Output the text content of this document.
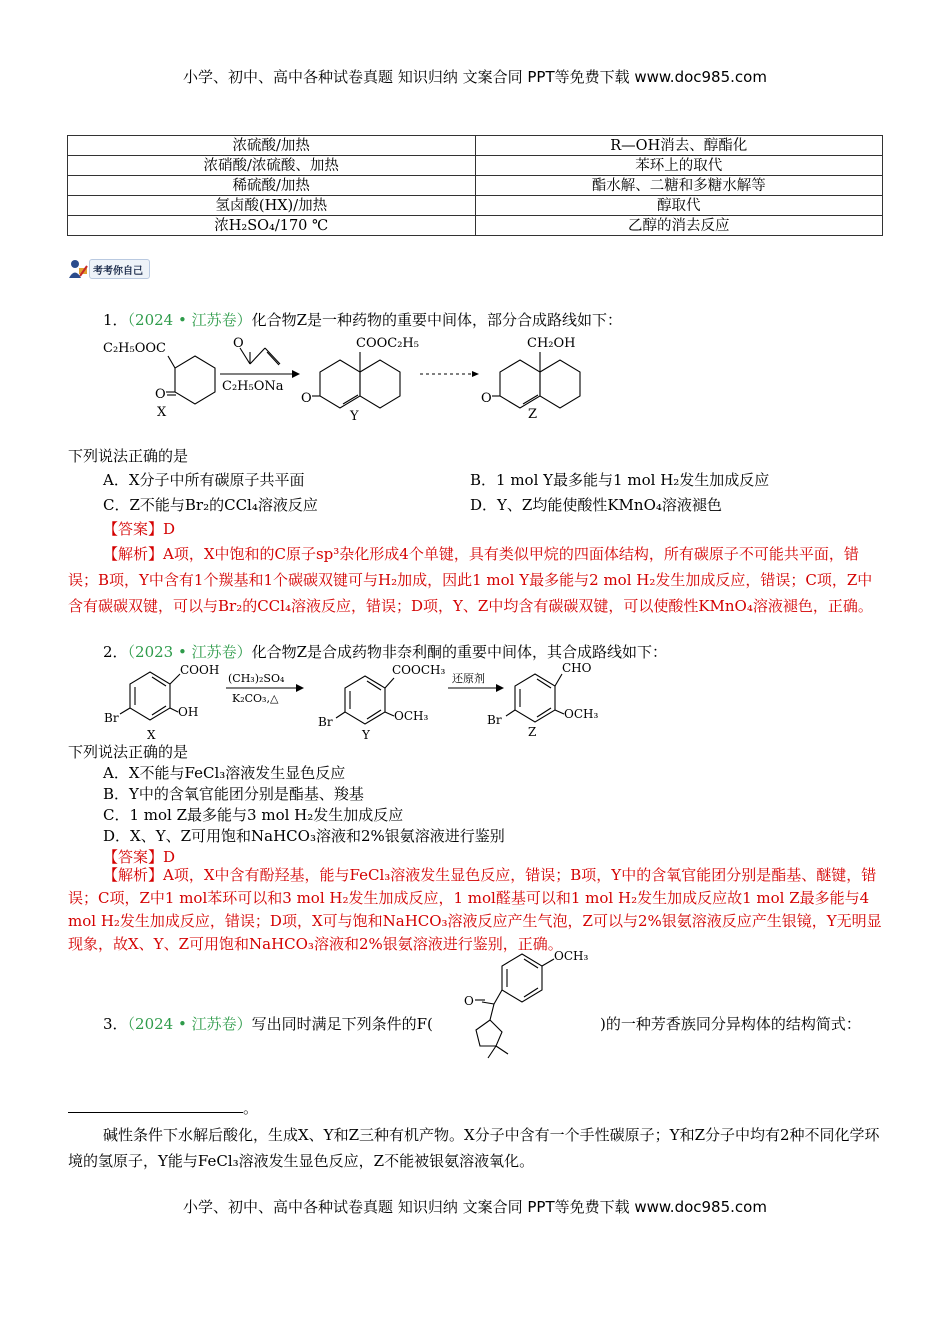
小学、初中、高中各种试卷真题 知识归纳 文案合同 PPT等免费下载 www.doc985.com
浓硫酸/加热	R—OH消去、醇酯化
浓硝酸/浓硫酸、加热	苯环上的取代
稀硫酸/加热	酯水解、二糖和多糖水解等
氢卤酸(HX)/加热	醇取代
浓H₂SO₄/170 ℃	乙醇的消去反应
考考你自己
1．（2024 • 江苏卷）化合物Z是一种药物的重要中间体，部分合成路线如下：
C₂H₅OOC
O
X
O
C₂H₅ONa
COOC₂H₅
O
Y
CH₂OH
O
Z
下列说法正确的是
A．X分子中所有碳原子共平面	B．1 mol Y最多能与1 mol H₂发生加成反应
C．Z不能与Br₂的CCl₄溶液反应	D．Y、Z均能使酸性KMnO₄溶液褪色
【答案】D
【解析】A项，X中饱和的C原子sp³杂化形成4个单键，具有类似甲烷的四面体结构，所有碳原子不可能共平面，错误；B项，Y中含有1个羰基和1个碳碳双键可与H₂加成，因此1 mol Y最多能与2 mol H₂发生加成反应，错误；C项，Z中含有碳碳双键，可以与Br₂的CCl₄溶液反应，错误；D项，Y、Z中均含有碳碳双键，可以使酸性KMnO₄溶液褪色，正确。
2．（2023 • 江苏卷）化合物Z是合成药物非奈利酮的重要中间体，其合成路线如下：
COOH
OH
Br
X
(CH₃)₂SO₄
K₂CO₃,△
COOCH₃
OCH₃
Br
Y
还原剂
CHO
OCH₃
Br
Z
下列说法正确的是
A．X不能与FeCl₃溶液发生显色反应
B．Y中的含氧官能团分别是酯基、羧基
C．1 mol Z最多能与3 mol H₂发生加成反应
D．X、Y、Z可用饱和NaHCO₃溶液和2%银氨溶液进行鉴别
【答案】D
【解析】A项，X中含有酚羟基，能与FeCl₃溶液发生显色反应，错误；B项，Y中的含氧官能团分别是酯基、醚键，错误；C项，Z中1 mol苯环可以和3 mol H₂发生加成反应，1 mol醛基可以和1 mol H₂发生加成反应故1 mol Z最多能与4 mol H₂发生加成反应，错误；D项，X可与饱和NaHCO₃溶液反应产生气泡，Z可以与2%银氨溶液反应产生银镜，Y无明显现象，故X、Y、Z可用饱和NaHCO₃溶液和2%银氨溶液进行鉴别，正确。
3．（2024 • 江苏卷）写出同时满足下列条件的F(	)的一种芳香族同分异构体的结构简式：
OCH₃
O
。
碱性条件下水解后酸化，生成X、Y和Z三种有机产物。X分子中含有一个手性碳原子；Y和Z分子中均有2种不同化学环境的氢原子，Y能与FeCl₃溶液发生显色反应，Z不能被银氨溶液氧化。
小学、初中、高中各种试卷真题 知识归纳 文案合同 PPT等免费下载 www.doc985.com
